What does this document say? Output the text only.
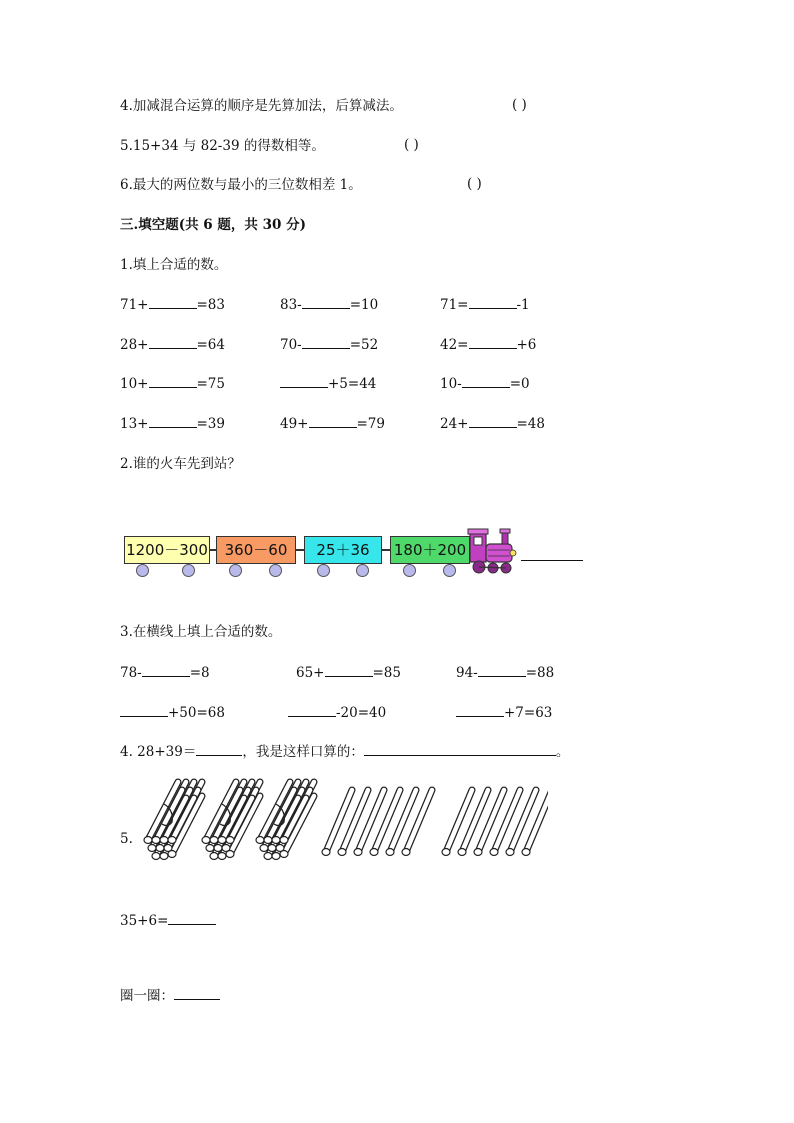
4.加减混合运算的顺序是先算加法，后算减法。	( )
5.15+34 与 82-39 的得数相等。	( )
6.最大的两位数与最小的三位数相差 1。	( )
三.填空题(共 6 题，共 30 分)
1.填上合适的数。
71+	=83	83-	=10	71=	-1
28+	=64	70-	=52	42=	+6
10+	=75	+5=44	10-	=0
13+	=39	49+	=79	24+	=48
2.谁的火车先到站？
1200－300	360－60	25＋36	180＋200
3.在横线上填上合适的数。
78-	=8	65+	=85	94-	=88
+50=68	-20=40	+7=63
4. 28+39＝	，我是这样口算的：	。
5.
35+6=
圈一圈：
